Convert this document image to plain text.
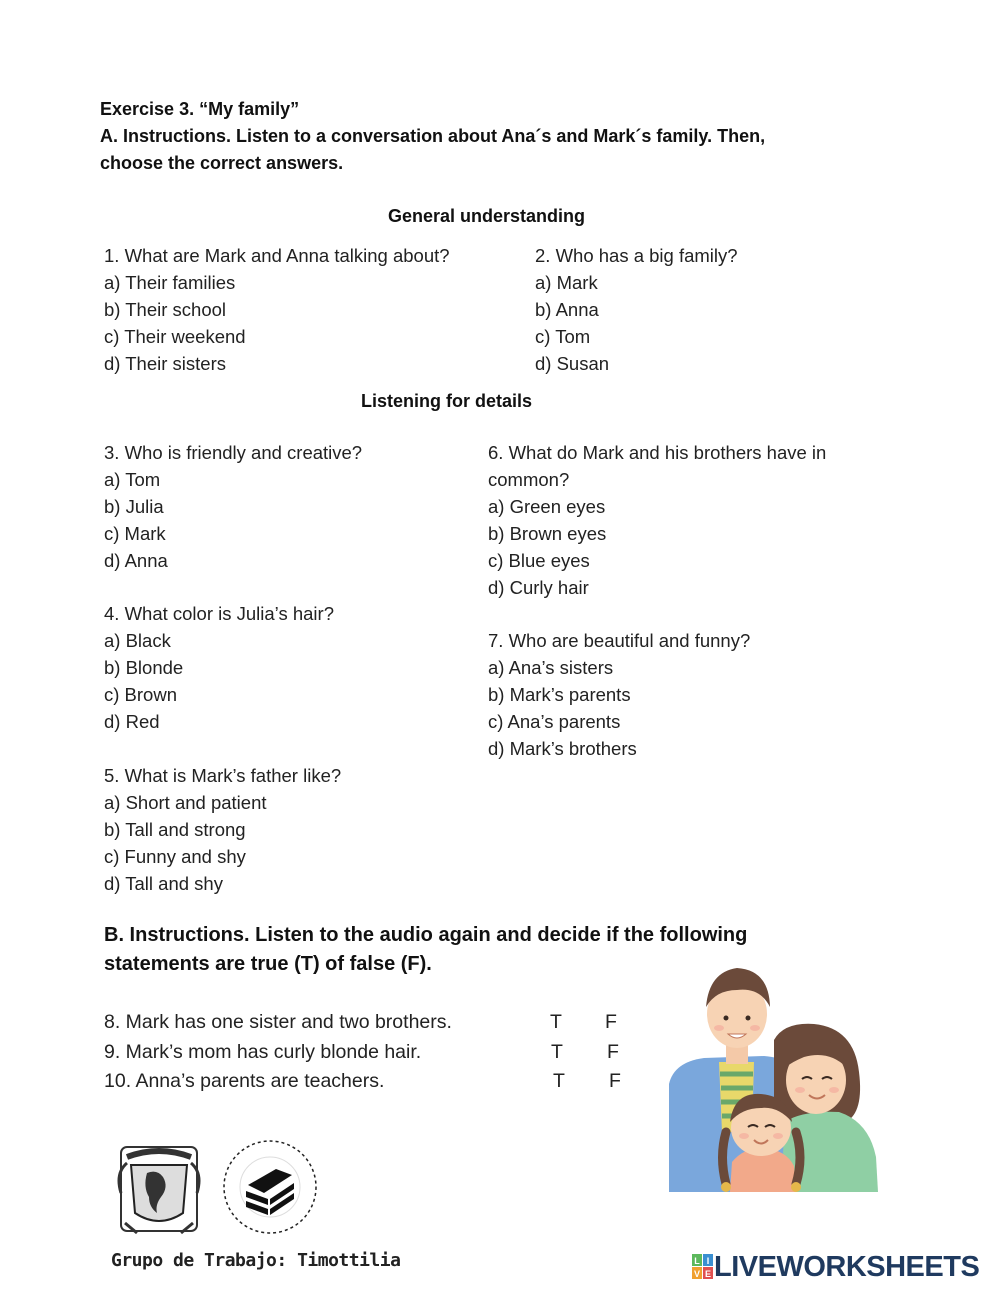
Exercise 3. “My family”
A. Instructions. Listen to a conversation about Ana´s and Mark´s family. Then,
choose the correct answers.
General understanding
1. What are Mark and Anna talking about?
a) Their families
b) Their school
c) Their weekend
d) Their sisters
2. Who has a big family?
a) Mark
b) Anna
c) Tom
d) Susan
Listening for details
3. Who is friendly and creative?
a) Tom
b) Julia
c) Mark
d) Anna
4. What color is Julia’s hair?
a) Black
b) Blonde
c) Brown
d) Red
5. What is Mark’s father like?
a) Short and patient
b) Tall and strong
c) Funny and shy
d) Tall and shy
6. What do Mark and his brothers have in
common?
a) Green eyes
b) Brown eyes
c) Blue eyes
d) Curly hair
7. Who are beautiful and funny?
a) Ana’s sisters
b) Mark’s parents
c) Ana’s parents
d) Mark’s brothers
B. Instructions. Listen to the audio again and decide if the following
statements are true (T) of false (F).
8. Mark has one sister and two brothers.	T F
9. Mark’s mom has curly blonde hair.	T F
10. Anna’s parents are teachers.	T F
Grupo de Trabajo: Timottilia	L I
V E LIVEWORKSHEETS
